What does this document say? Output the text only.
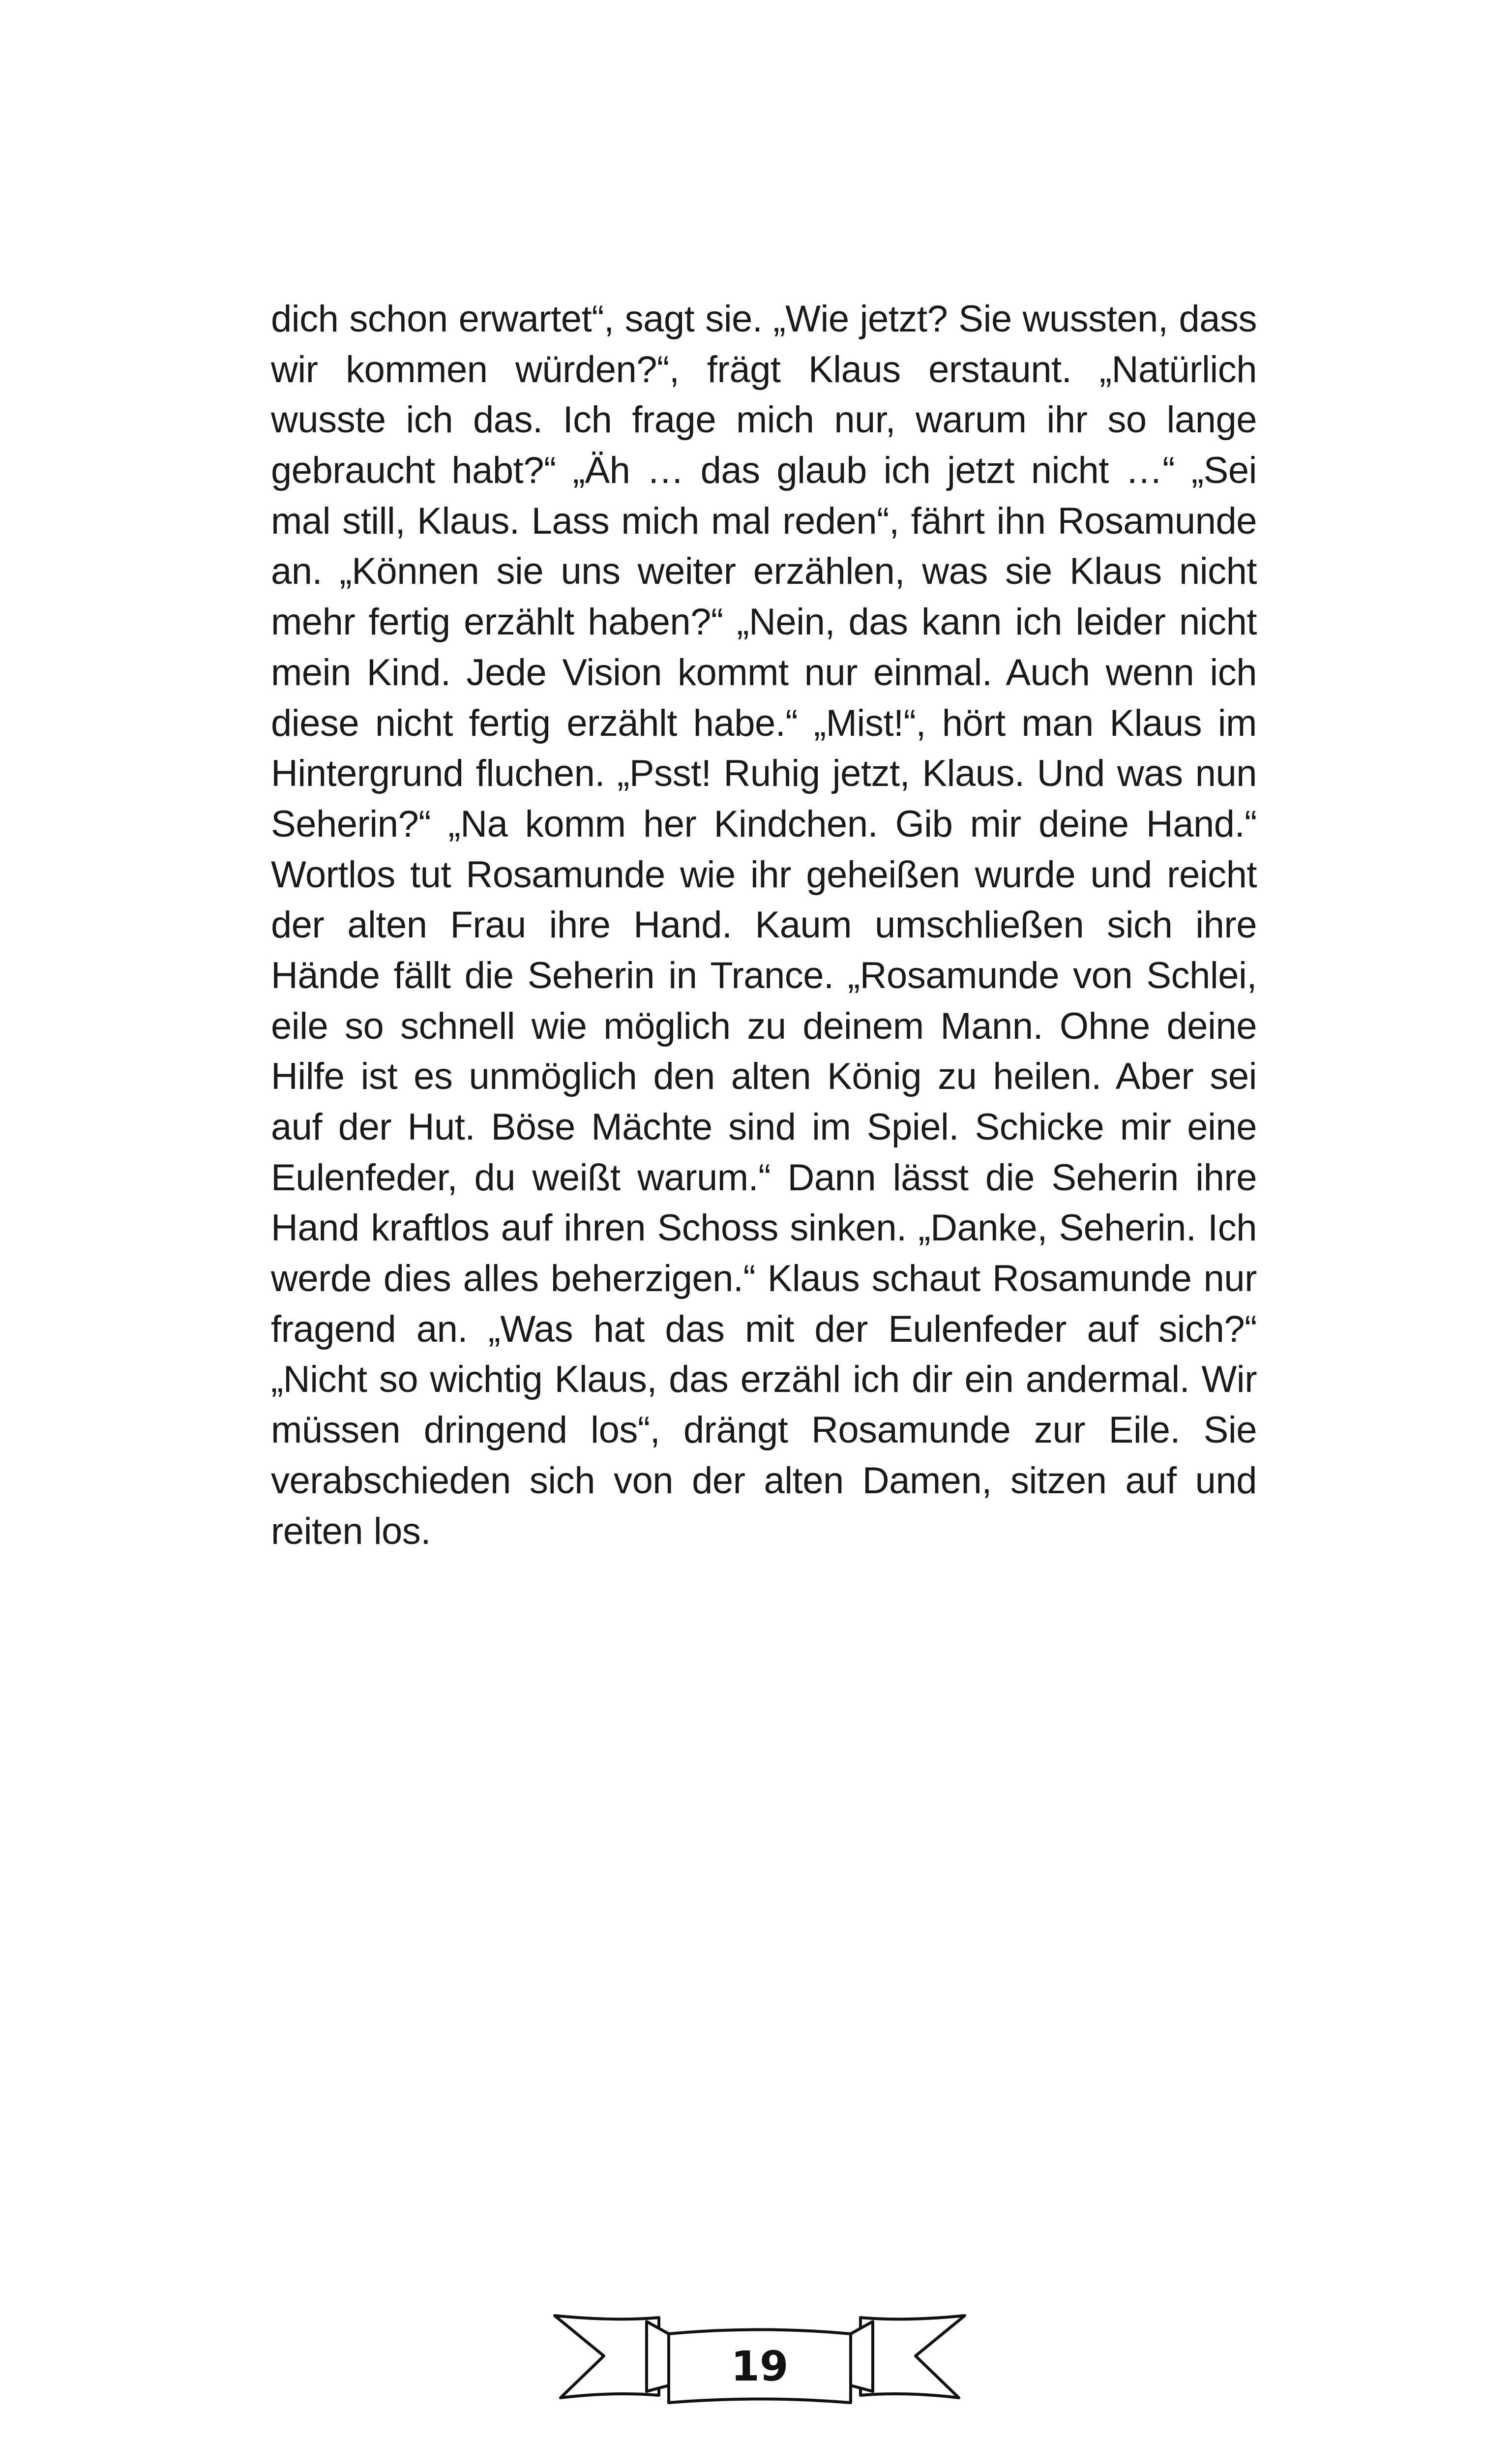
dich schon erwartet“, sagt sie. „Wie jetzt? Sie wussten, dass
wir kommen würden?“, frägt Klaus erstaunt. „Natürlich
wusste ich das. Ich frage mich nur, warum ihr so lange
gebraucht habt?“ „Äh … das glaub ich jetzt nicht …“ „Sei
mal still, Klaus. Lass mich mal reden“, fährt ihn Rosamunde
an. „Können sie uns weiter erzählen, was sie Klaus nicht
mehr fertig erzählt haben?“ „Nein, das kann ich leider nicht
mein Kind. Jede Vision kommt nur einmal. Auch wenn ich
diese nicht fertig erzählt habe.“ „Mist!“, hört man Klaus im
Hintergrund fluchen. „Psst! Ruhig jetzt, Klaus. Und was nun
Seherin?“ „Na komm her Kindchen. Gib mir deine Hand.“
Wortlos tut Rosamunde wie ihr geheißen wurde und reicht
der alten Frau ihre Hand. Kaum umschließen sich ihre
Hände fällt die Seherin in Trance. „Rosamunde von Schlei,
eile so schnell wie möglich zu deinem Mann. Ohne deine
Hilfe ist es unmöglich den alten König zu heilen. Aber sei
auf der Hut. Böse Mächte sind im Spiel. Schicke mir eine
Eulenfeder, du weißt warum.“ Dann lässt die Seherin ihre
Hand kraftlos auf ihren Schoss sinken. „Danke, Seherin. Ich
werde dies alles beherzigen.“ Klaus schaut Rosamunde nur
fragend an. „Was hat das mit der Eulenfeder auf sich?“
„Nicht so wichtig Klaus, das erzähl ich dir ein andermal. Wir
müssen dringend los“, drängt Rosamunde zur Eile. Sie
verabschieden sich von der alten Damen, sitzen auf und
reiten los.
19
